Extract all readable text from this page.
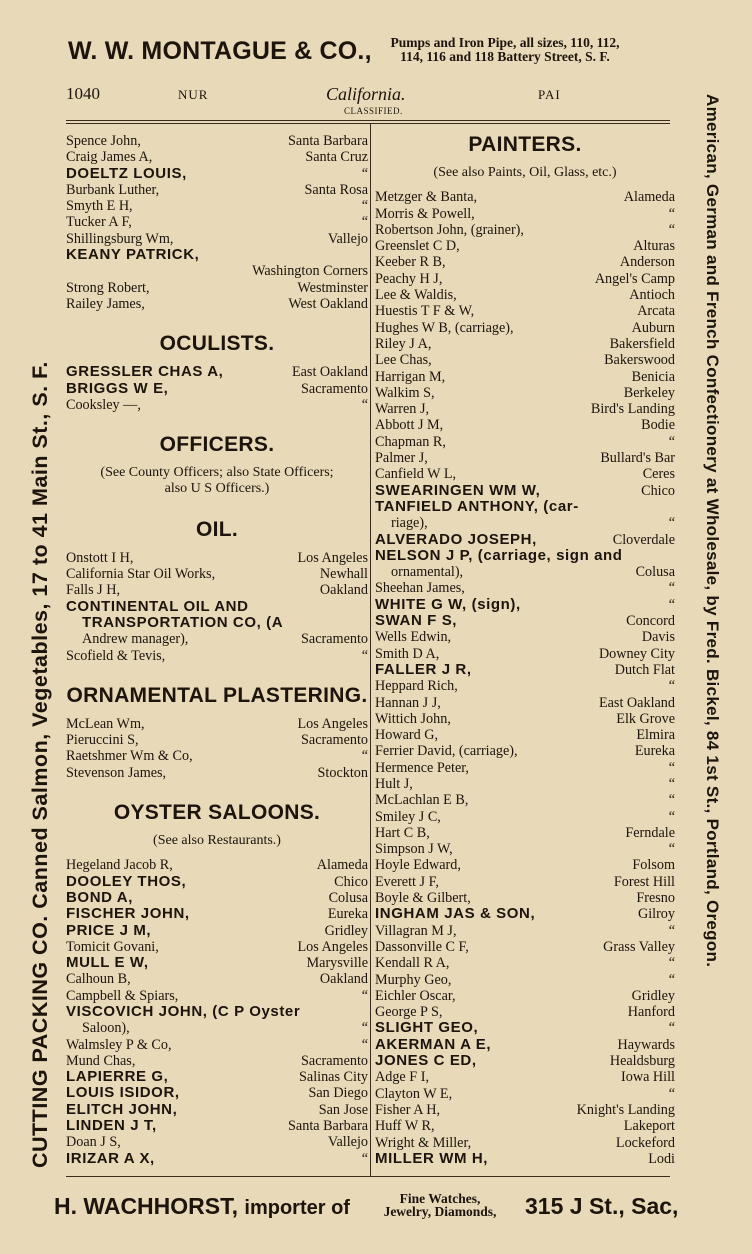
W. W. MONTAGUE & CO.,	Pumps and Iron Pipe, all sizes, 110, 112,
114, 116 and 118 Battery Street, S. F.
CUTTING PACKING CO. Canned Salmon, Vegetables, 17 to 41 Main St., S. F.	American, German and French Confectionery at Wholesale, by Fred. Bickel, 84 1st St., Portland, Oregon.
1040	NUR	California.
CLASSIFIED.
PAI
Spence John,	Santa Barbara
Craig James A,	Santa Cruz
DOELTZ LOUIS,	“
Burbank Luther,	Santa Rosa
Smyth E H,	“
Tucker A F,	“
Shillingsburg Wm,	Vallejo
KEANY PATRICK,
Washington Corners
Strong Robert,	Westminster
Railey James,	West Oakland
OCULISTS.
GRESSLER CHAS A,	East Oakland
BRIGGS W E,	Sacramento
Cooksley —,	“
OFFICERS.
(See County Officers; also State Officers;
also U S Officers.)
OIL.
Onstott I H,	Los Angeles
California Star Oil Works,	Newhall
Falls J H,	Oakland
CONTINENTAL OIL AND
TRANSPORTATION CO, (A
Andrew manager),	Sacramento
Scofield & Tevis,	“
ORNAMENTAL PLASTERING.
McLean Wm,	Los Angeles
Pieruccini S,	Sacramento
Raetshmer Wm & Co,	“
Stevenson James,	Stockton
OYSTER SALOONS.
(See also Restaurants.)
Hegeland Jacob R,	Alameda
DOOLEY THOS,	Chico
BOND A,	Colusa
FISCHER JOHN,	Eureka
PRICE J M,	Gridley
Tomicit Govani,	Los Angeles
MULL E W,	Marysville
Calhoun B,	Oakland
Campbell & Spiars,	“
VISCOVICH JOHN, (C P Oyster
Saloon),	“
Walmsley P & Co,	“
Mund Chas,	Sacramento
LAPIERRE G,	Salinas City
LOUIS ISIDOR,	San Diego
ELITCH JOHN,	San Jose
LINDEN J T,	Santa Barbara
Doan J S,	Vallejo
IRIZAR A X,	“
PAINTERS.
(See also Paints, Oil, Glass, etc.)
Metzger & Banta,	Alameda
Morris & Powell,	“
Robertson John, (grainer),	“
Greenslet C D,	Alturas
Keeber R B,	Anderson
Peachy H J,	Angel's Camp
Lee & Waldis,	Antioch
Huestis T F & W,	Arcata
Hughes W B, (carriage),	Auburn
Riley J A,	Bakersfield
Lee Chas,	Bakerswood
Harrigan M,	Benicia
Walkim S,	Berkeley
Warren J,	Bird's Landing
Abbott J M,	Bodie
Chapman R,	“
Palmer J,	Bullard's Bar
Canfield W L,	Ceres
SWEARINGEN WM W,	Chico
TANFIELD ANTHONY, (car-
riage),	“
ALVERADO JOSEPH,	Cloverdale
NELSON J P, (carriage, sign and
ornamental),	Colusa
Sheehan James,	“
WHITE G W, (sign),	“
SWAN F S,	Concord
Wells Edwin,	Davis
Smith D A,	Downey City
FALLER J R,	Dutch Flat
Heppard Rich,	“
Hannan J J,	East Oakland
Wittich John,	Elk Grove
Howard G,	Elmira
Ferrier David, (carriage),	Eureka
Hermence Peter,	“
Hult J,	“
McLachlan E B,	“
Smiley J C,	“
Hart C B,	Ferndale
Simpson J W,	“
Hoyle Edward,	Folsom
Everett J F,	Forest Hill
Boyle & Gilbert,	Fresno
INGHAM JAS & SON,	Gilroy
Villagran M J,	“
Dassonville C F,	Grass Valley
Kendall R A,	“
Murphy Geo,	“
Eichler Oscar,	Gridley
George P S,	Hanford
SLIGHT GEO,	“
AKERMAN A E,	Haywards
JONES C ED,	Healdsburg
Adge F I,	Iowa Hill
Clayton W E,	“
Fisher A H,	Knight's Landing
Huff W R,	Lakeport
Wright & Miller,	Lockeford
MILLER WM H,	Lodi
H. WACHHORST, importer of	Fine Watches,
Jewelry, Diamonds,	315 J St., Sac,
